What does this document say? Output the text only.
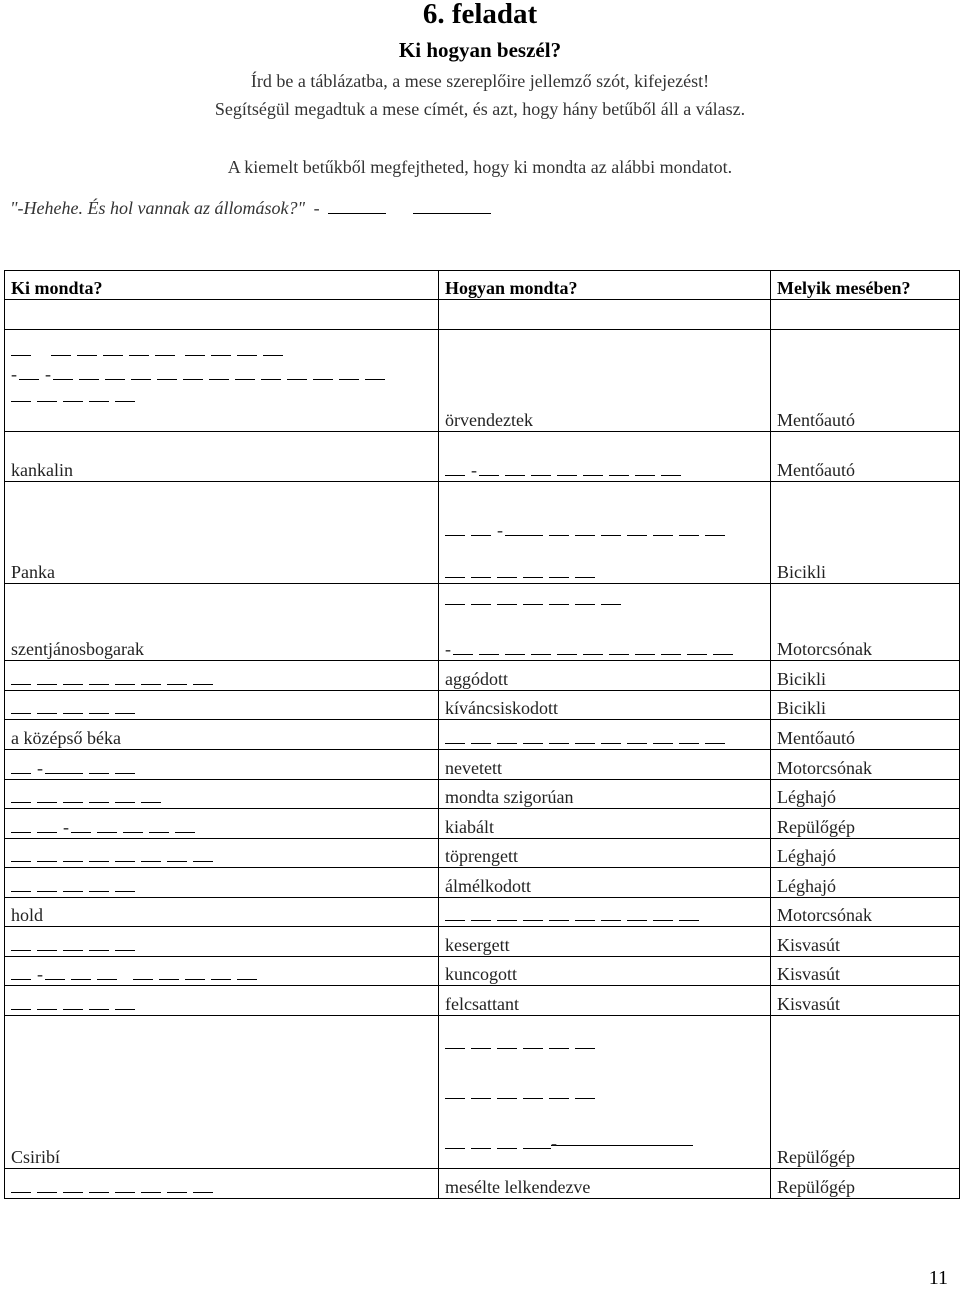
6. feladat
Ki hogyan beszél?
Írd be a táblázatba, a mese szereplőire jellemző szót, kifejezést!
Segítségül megadtuk a mese címét, és azt, hogy hány betűből áll a válasz.
A kiemelt betűkből megfejtheted, hogy ki mondta az alábbi mondatot.
"-Hehehe. És hol vannak az állomások?" -
Ki mondta?	Hogyan mondta?	Melyik mesében?

- -	örvendeztek	Mentőautó
kankalin	-	Mentőautó
Panka	-	Bicikli
szentjánosbogarak	-	Motorcsónak
	aggódott	Bicikli
	kíváncsiskodott	Bicikli
a középső béka		Mentőautó
-	nevetett	Motorcsónak
	mondta szigorúan	Léghajó
-	kiabált	Repülőgép
	töprengett	Léghajó
	álmélkodott	Léghajó
hold		Motorcsónak
	kesergett	Kisvasút
-	kuncogott	Kisvasút
	felcsattant	Kisvasút
Csiribí	-	Repülőgép
	mesélte lelkendezve	Repülőgép
11
